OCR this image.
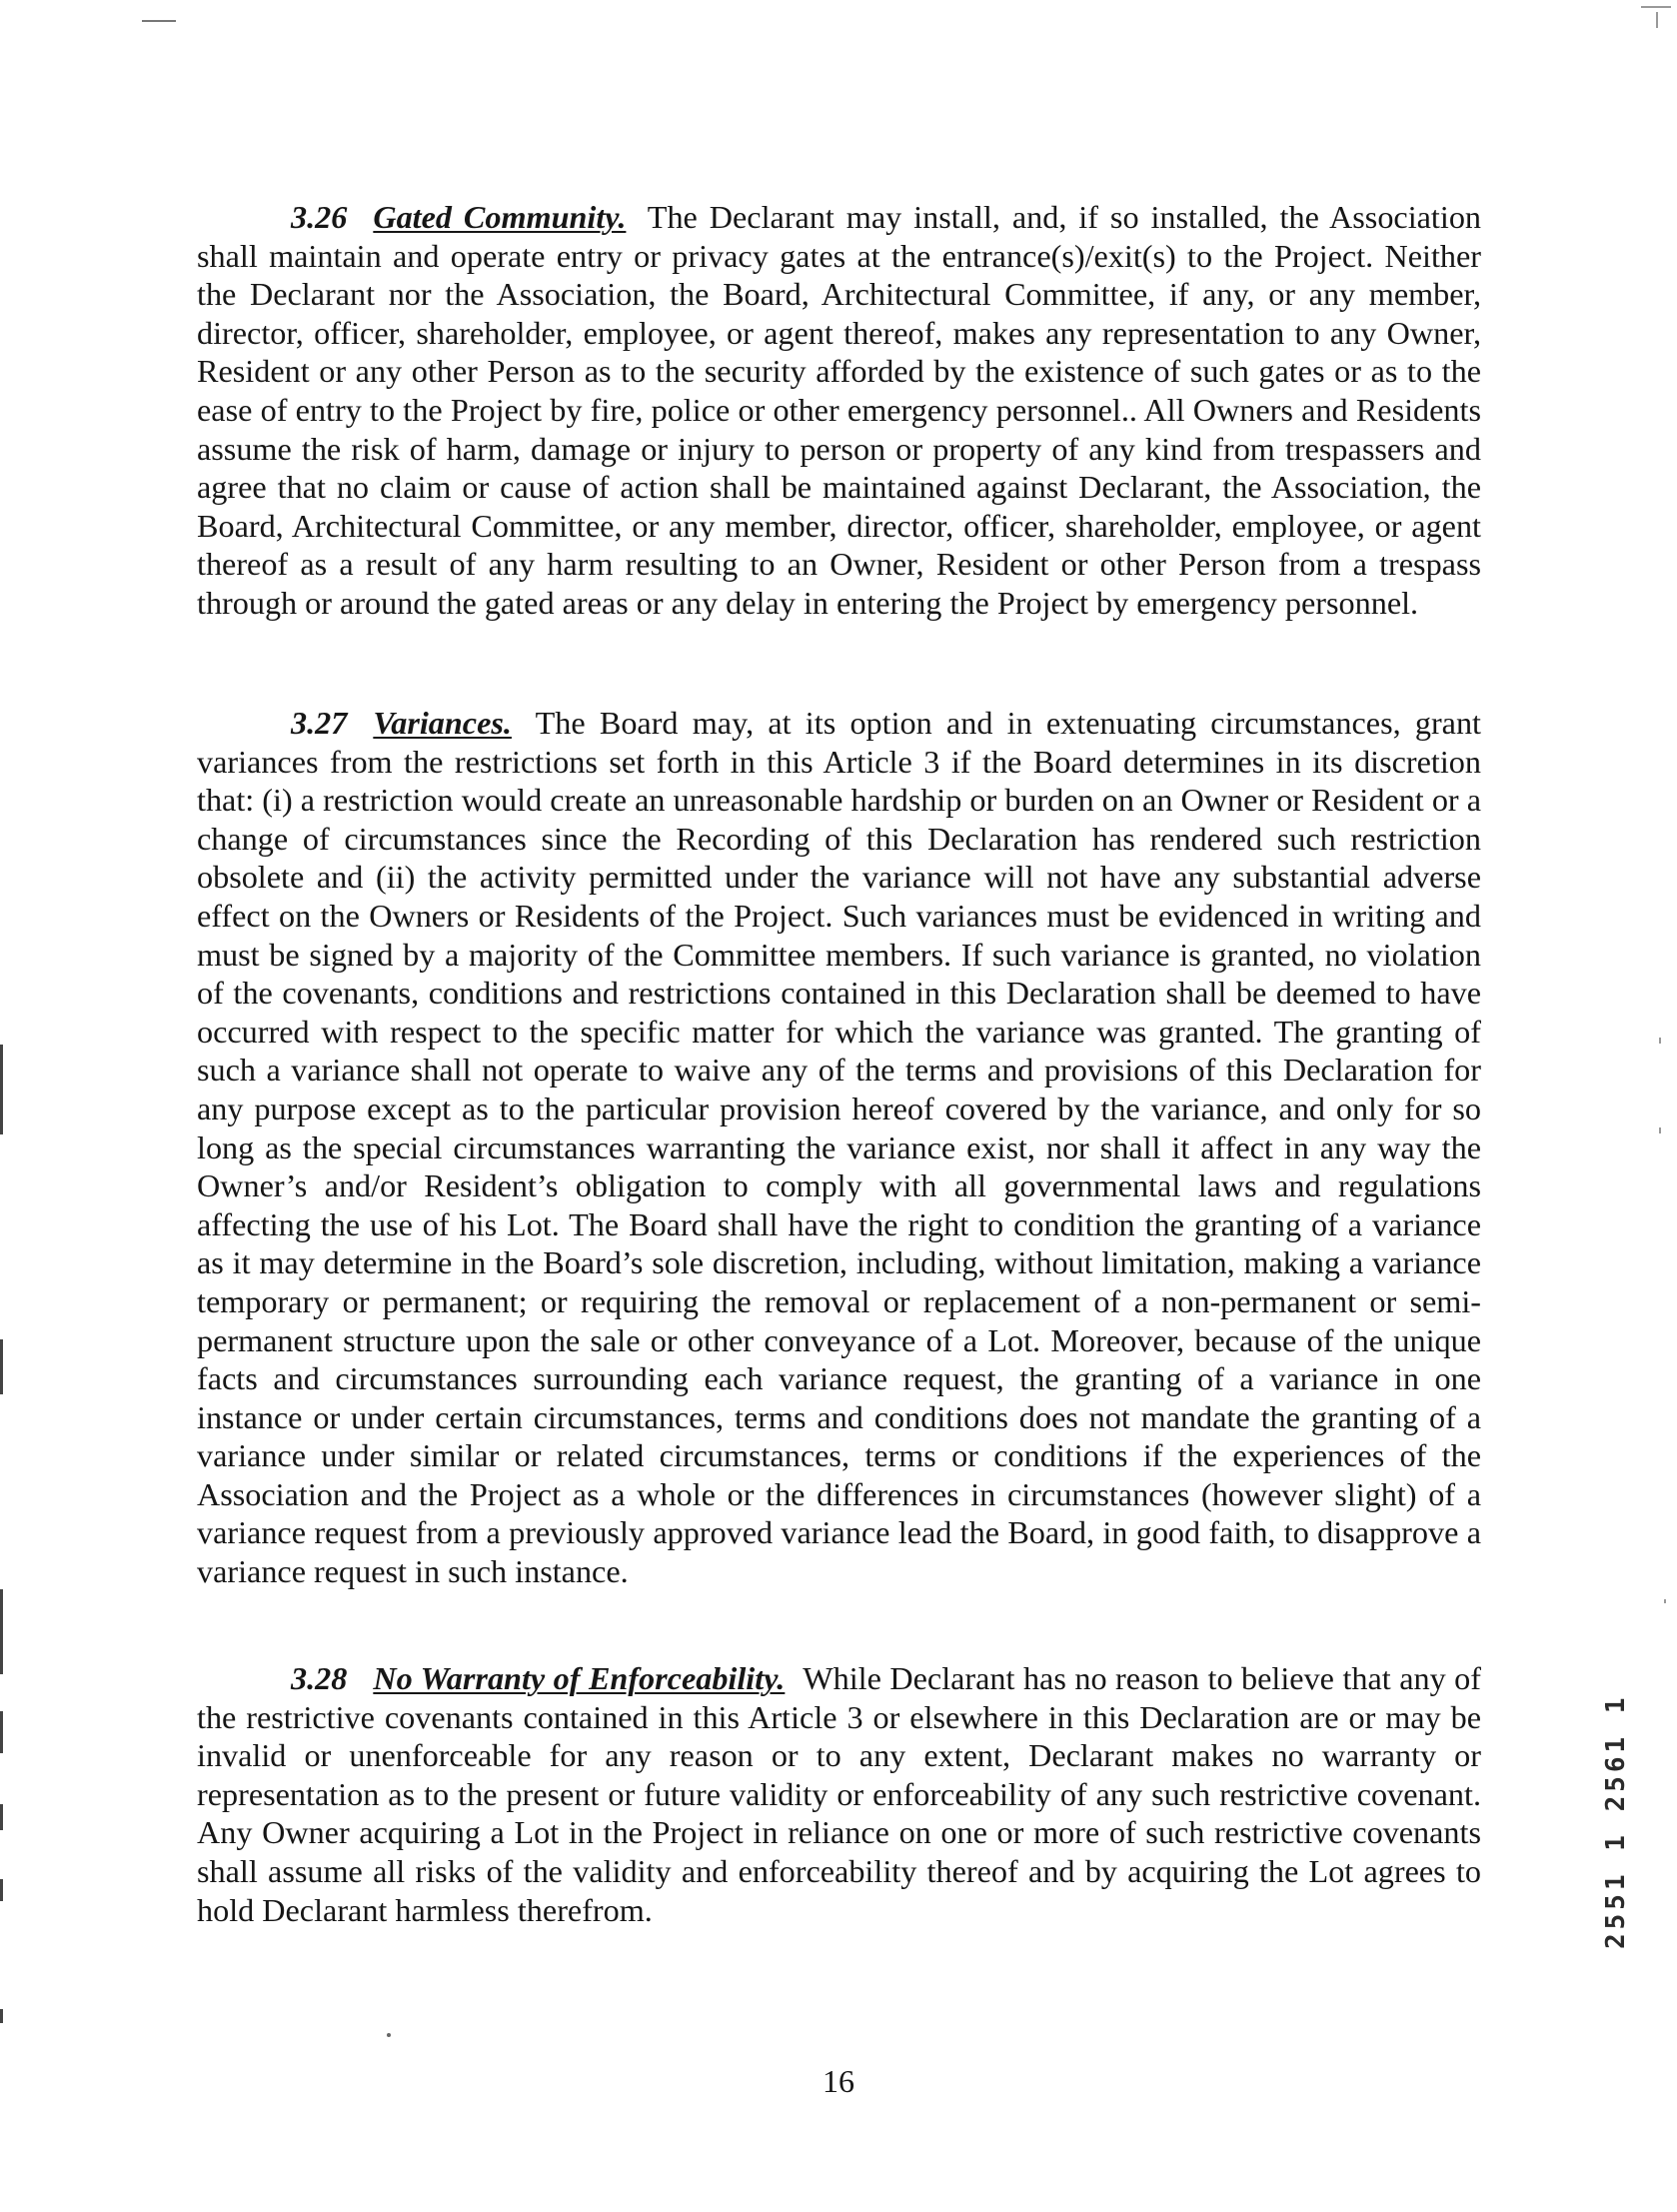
3.26 Gated Community. The Declarant may install, and, if so installed, the Association shall maintain and operate entry or privacy gates at the entrance(s)/exit(s) to the Project. Neither the Declarant nor the Association, the Board, Architectural Committee, if any, or any member, director, officer, shareholder, employee, or agent thereof, makes any representation to any Owner, Resident or any other Person as to the security afforded by the existence of such gates or as to the ease of entry to the Project by fire, police or other emergency personnel.. All Owners and Residents assume the risk of harm, damage or injury to person or property of any kind from trespassers and agree that no claim or cause of action shall be maintained against Declarant, the Association, the Board, Architectural Committee, or any member, director, officer, shareholder, employee, or agent thereof as a result of any harm resulting to an Owner, Resident or other Person from a trespass through or around the gated areas or any delay in entering the Project by emergency personnel.

3.27 Variances. The Board may, at its option and in extenuating circumstances, grant variances from the restrictions set forth in this Article 3 if the Board determines in its discretion that: (i) a restriction would create an unreasonable hardship or burden on an Owner or Resident or a change of circumstances since the Recording of this Declaration has rendered such restriction obsolete and (ii) the activity permitted under the variance will not have any substantial adverse effect on the Owners or Residents of the Project. Such variances must be evidenced in writing and must be signed by a majority of the Committee members. If such variance is granted, no violation of the covenants, conditions and restrictions contained in this Declaration shall be deemed to have occurred with respect to the specific matter for which the variance was granted. The granting of such a variance shall not operate to waive any of the terms and provisions of this Declaration for any purpose except as to the particular provision hereof covered by the variance, and only for so long as the special circumstances warranting the variance exist, nor shall it affect in any way the Owner’s and/or Resident’s obligation to comply with all governmental laws and regulations affecting the use of his Lot. The Board shall have the right to condition the granting of a variance as it may determine in the Board’s sole discretion, including, without limitation, making a variance temporary or permanent; or requiring the removal or replacement of a non-permanent or semi-permanent structure upon the sale or other conveyance of a Lot. Moreover, because of the unique facts and circumstances surrounding each variance request, the granting of a variance in one instance or under certain circumstances, terms and conditions does not mandate the granting of a variance under similar or related circumstances, terms or conditions if the experiences of the Association and the Project as a whole or the differences in circumstances (however slight) of a variance request from a previously approved variance lead the Board, in good faith, to disapprove a variance request in such instance.

3.28 No Warranty of Enforceability. While Declarant has no reason to believe that any of the restrictive covenants contained in this Article 3 or elsewhere in this Declaration are or may be invalid or unenforceable for any reason or to any extent, Declarant makes no warranty or representation as to the present or future validity or enforceability of any such restrictive covenant. Any Owner acquiring a Lot in the Project in reliance on one or more of such restrictive covenants shall assume all risks of the validity and enforceability thereof and by acquiring the Lot agrees to hold Declarant harmless therefrom.	2551 1 2561 1
16
